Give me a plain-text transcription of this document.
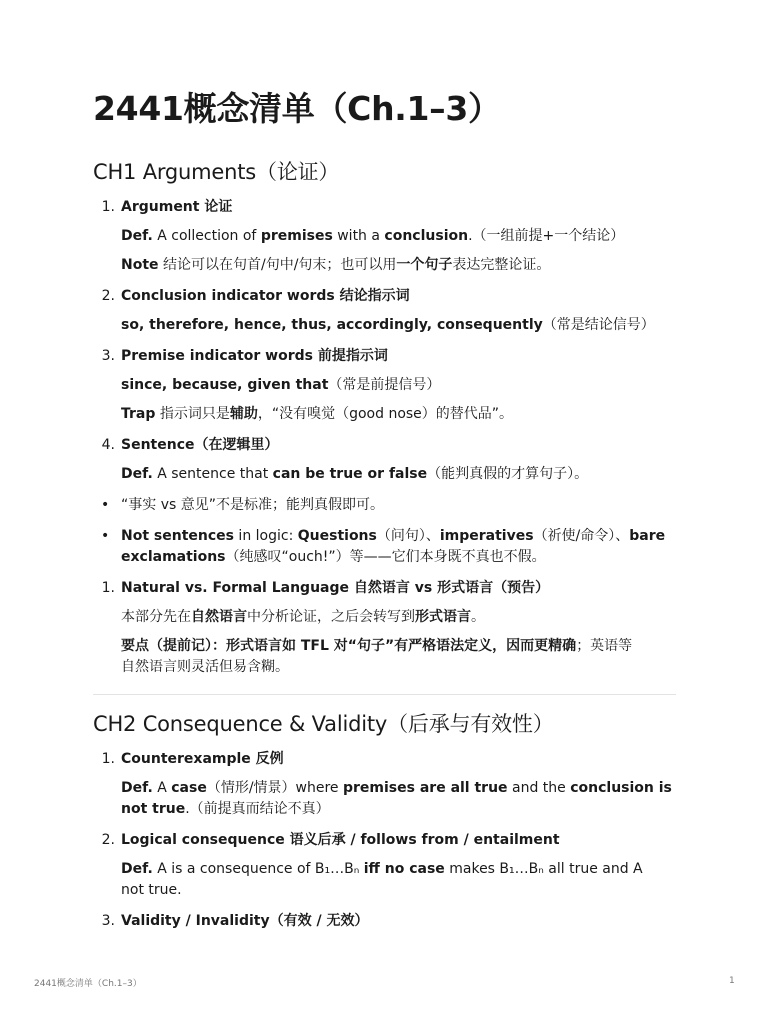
2441概念清单（Ch.1–3）
CH1 Arguments（论证）
1. Argument 论证
Def. A collection of premises with a conclusion.（一组前提+一个结论）
Note 结论可以在句首/句中/句末；也可以用一个句子表达完整论证。
2. Conclusion indicator words 结论指示词
so, therefore, hence, thus, accordingly, consequently（常是结论信号）
3. Premise indicator words 前提指示词
since, because, given that（常是前提信号）
Trap 指示词只是辅助，“没有嗅觉（good nose）的替代品”。
4. Sentence（在逻辑里）
Def. A sentence that can be true or false（能判真假的才算句子）。
• “事实 vs 意见”不是标准；能判真假即可。
• Not sentences in logic: Questions（问句）、imperatives（祈使/命令）、bare
exclamations（纯感叹“ouch!”）等——它们本身既不真也不假。
1. Natural vs. Formal Language 自然语言 vs 形式语言（预告）
本部分先在自然语言中分析论证，之后会转写到形式语言。
要点（提前记）：形式语言如 TFL 对“句子”有严格语法定义，因而更精确；英语等
自然语言则灵活但易含糊。
CH2 Consequence & Validity（后承与有效性）
1. Counterexample 反例
Def. A case（情形/情景）where premises are all true and the conclusion is
not true.（前提真而结论不真）
2. Logical consequence 语义后承 / follows from / entailment
Def. A is a consequence of B₁…Bₙ iff no case makes B₁…Bₙ all true and A
not true.
3. Validity / Invalidity（有效 / 无效）
2441概念清单（Ch.1–3）	1
